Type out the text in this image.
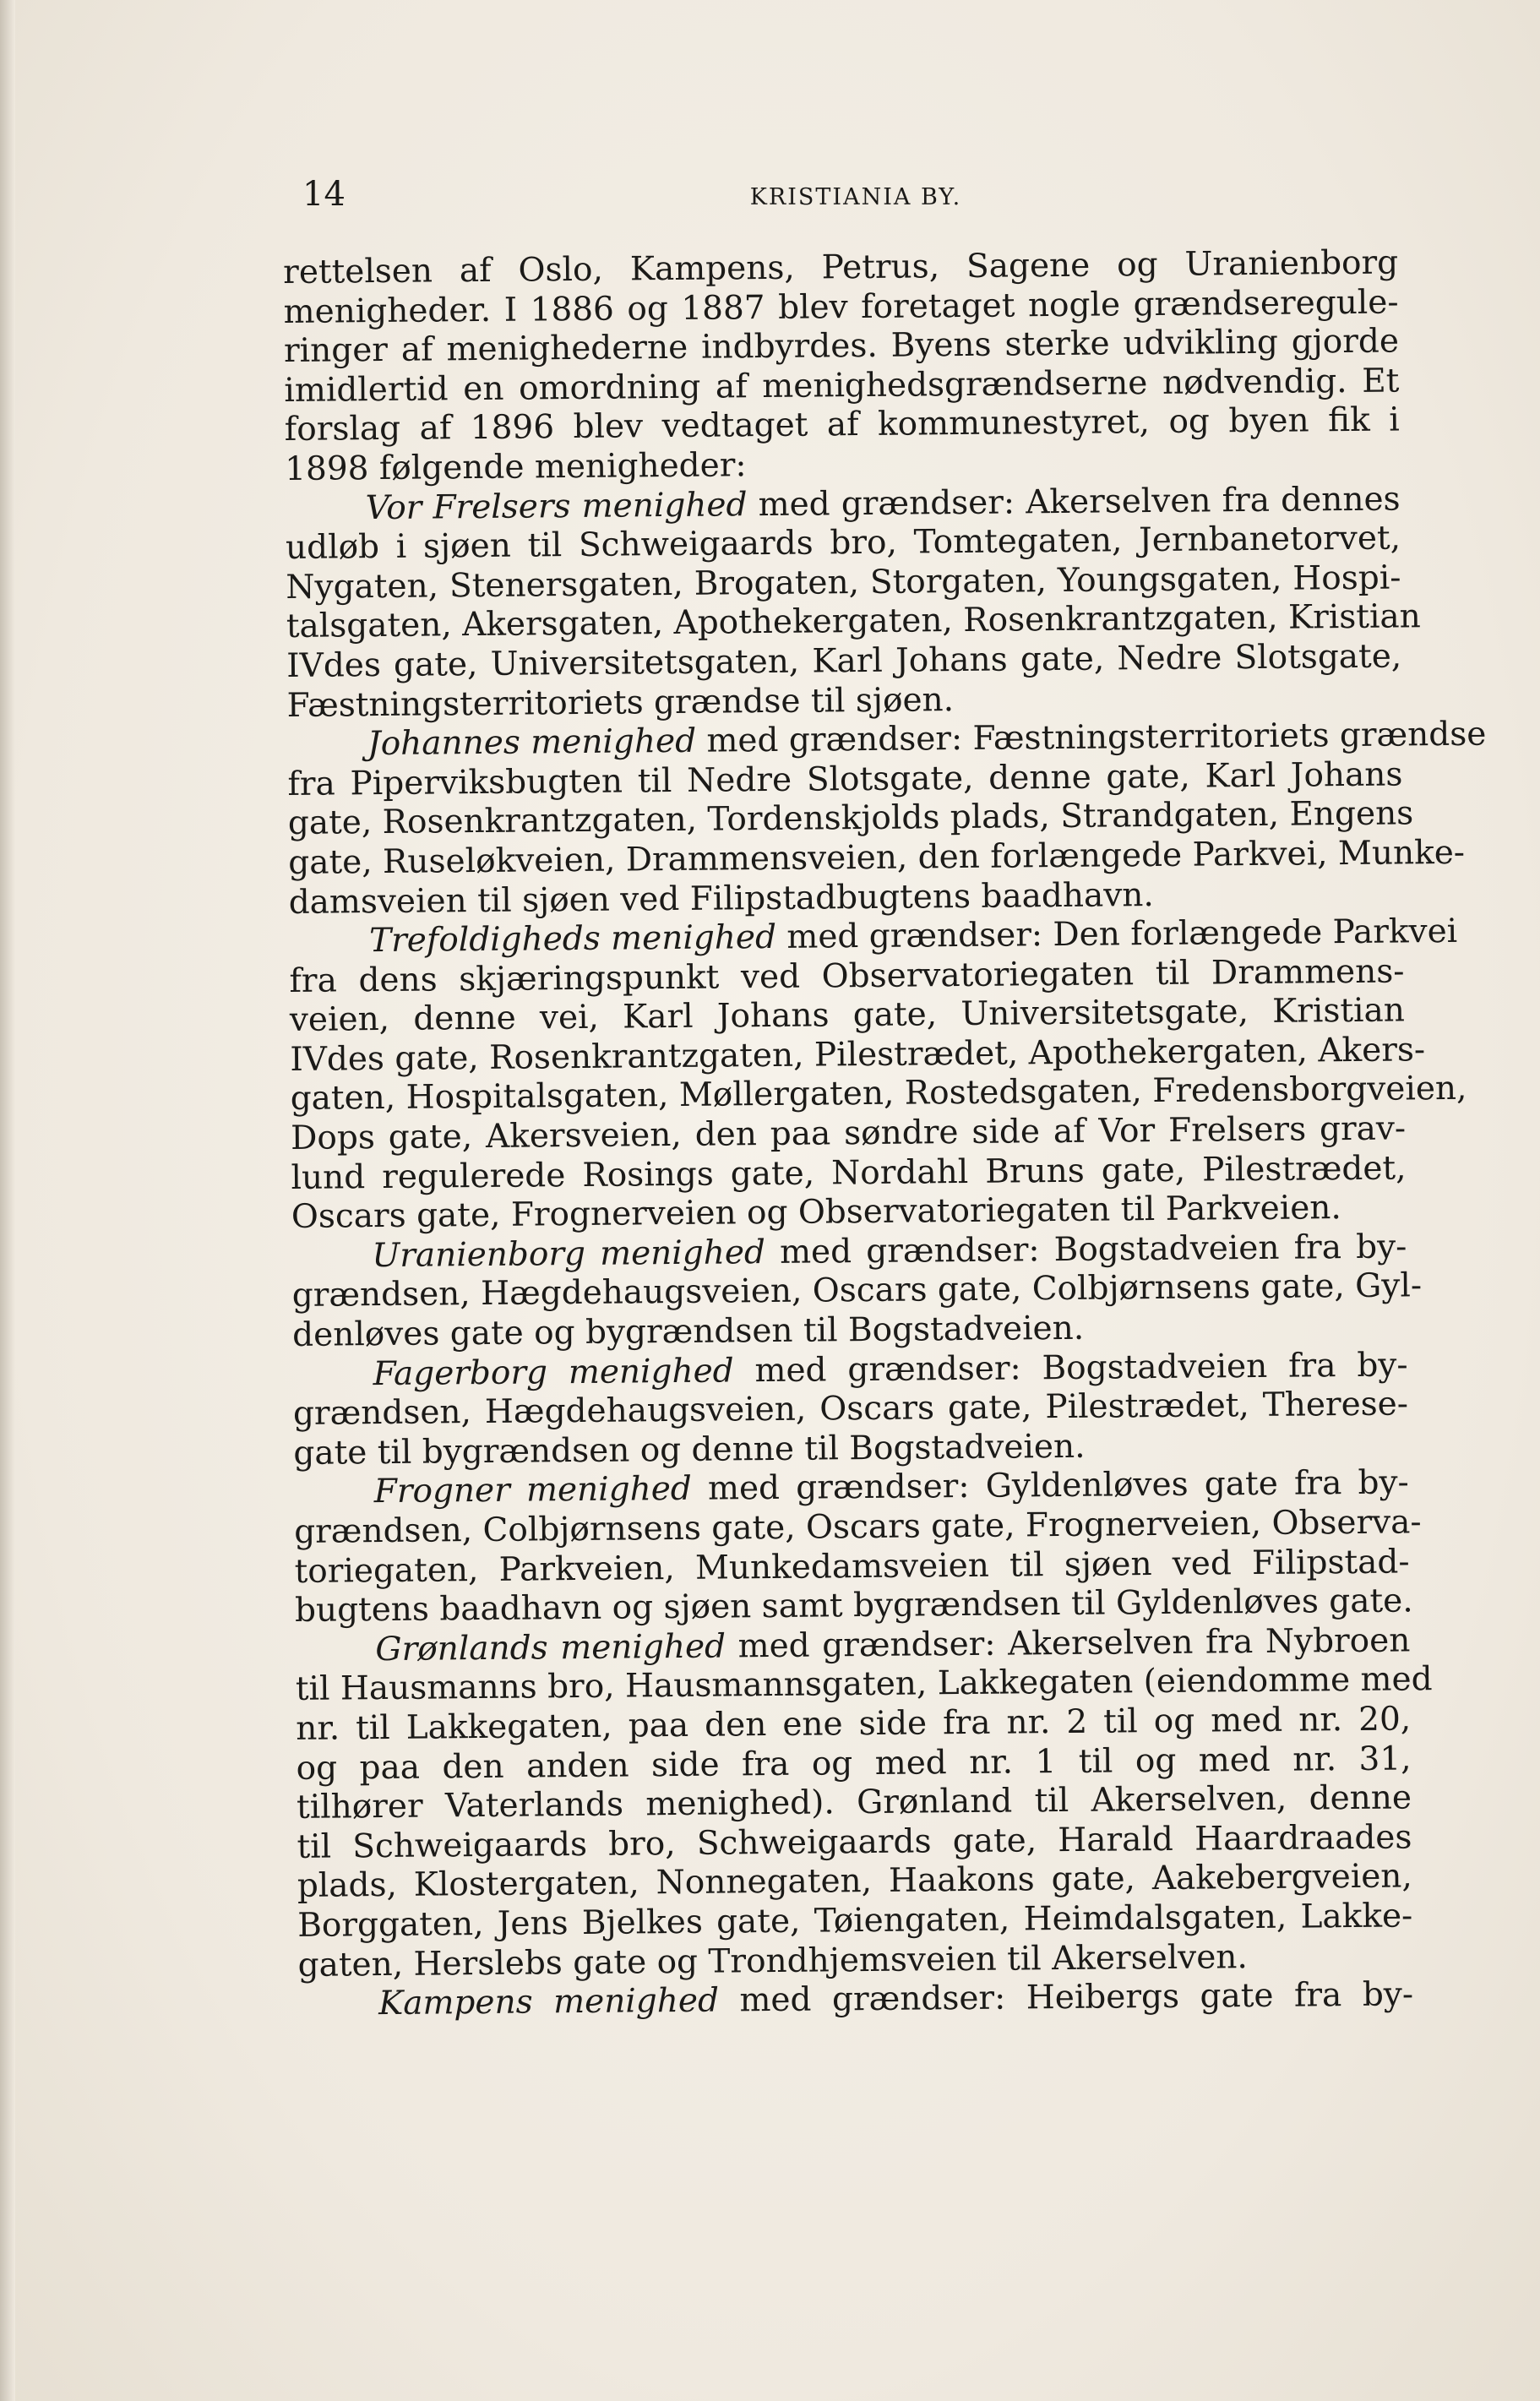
14	KRISTIANIA BY.
rettelsen af Oslo, Kampens, Petrus, Sagene og Uranienborg
menigheder. I 1886 og 1887 blev foretaget nogle grændseregule-
ringer af menighederne indbyrdes. Byens sterke udvikling gjorde
imidlertid en omordning af menighedsgrændserne nødvendig. Et
forslag af 1896 blev vedtaget af kommunestyret, og byen fik i
1898 følgende menigheder:
Vor Frelsers menighed med grændser: Akerselven fra dennes
udløb i sjøen til Schweigaards bro, Tomtegaten, Jernbanetorvet,
Nygaten, Stenersgaten, Brogaten, Storgaten, Youngsgaten, Hospi-
talsgaten, Akersgaten, Apothekergaten, Rosenkrantzgaten, Kristian
IVdes gate, Universitetsgaten, Karl Johans gate, Nedre Slotsgate,
Fæstningsterritoriets grændse til sjøen.
Johannes menighed med grændser: Fæstningsterritoriets grændse
fra Piperviksbugten til Nedre Slotsgate, denne gate, Karl Johans
gate, Rosenkrantzgaten, Tordenskjolds plads, Strandgaten, Engens
gate, Ruseløkveien, Drammensveien, den forlængede Parkvei, Munke-
damsveien til sjøen ved Filipstadbugtens baadhavn.
Trefoldigheds menighed med grændser: Den forlængede Parkvei
fra dens skjæringspunkt ved Observatoriegaten til Drammens-
veien, denne vei, Karl Johans gate, Universitetsgate, Kristian
IVdes gate, Rosenkrantzgaten, Pilestrædet, Apothekergaten, Akers-
gaten, Hospitalsgaten, Møllergaten, Rostedsgaten, Fredensborgveien,
Dops gate, Akersveien, den paa søndre side af Vor Frelsers grav-
lund regulerede Rosings gate, Nordahl Bruns gate, Pilestrædet,
Oscars gate, Frognerveien og Observatoriegaten til Parkveien.
Uranienborg menighed med grændser: Bogstadveien fra by-
grændsen, Hægdehaugsveien, Oscars gate, Colbjørnsens gate, Gyl-
denløves gate og bygrændsen til Bogstadveien.
Fagerborg menighed med grændser: Bogstadveien fra by-
grændsen, Hægdehaugsveien, Oscars gate, Pilestrædet, Therese-
gate til bygrændsen og denne til Bogstadveien.
Frogner menighed med grændser: Gyldenløves gate fra by-
grændsen, Colbjørnsens gate, Oscars gate, Frognerveien, Observa-
toriegaten, Parkveien, Munkedamsveien til sjøen ved Filipstad-
bugtens baadhavn og sjøen samt bygrændsen til Gyldenløves gate.
Grønlands menighed med grændser: Akerselven fra Nybroen
til Hausmanns bro, Hausmannsgaten, Lakkegaten (eiendomme med
nr. til Lakkegaten, paa den ene side fra nr. 2 til og med nr. 20,
og paa den anden side fra og med nr. 1 til og med nr. 31,
tilhører Vaterlands menighed). Grønland til Akerselven, denne
til Schweigaards bro, Schweigaards gate, Harald Haardraades
plads, Klostergaten, Nonnegaten, Haakons gate, Aakebergveien,
Borggaten, Jens Bjelkes gate, Tøiengaten, Heimdalsgaten, Lakke-
gaten, Herslebs gate og Trondhjemsveien til Akerselven.
Kampens menighed med grændser: Heibergs gate fra by-
